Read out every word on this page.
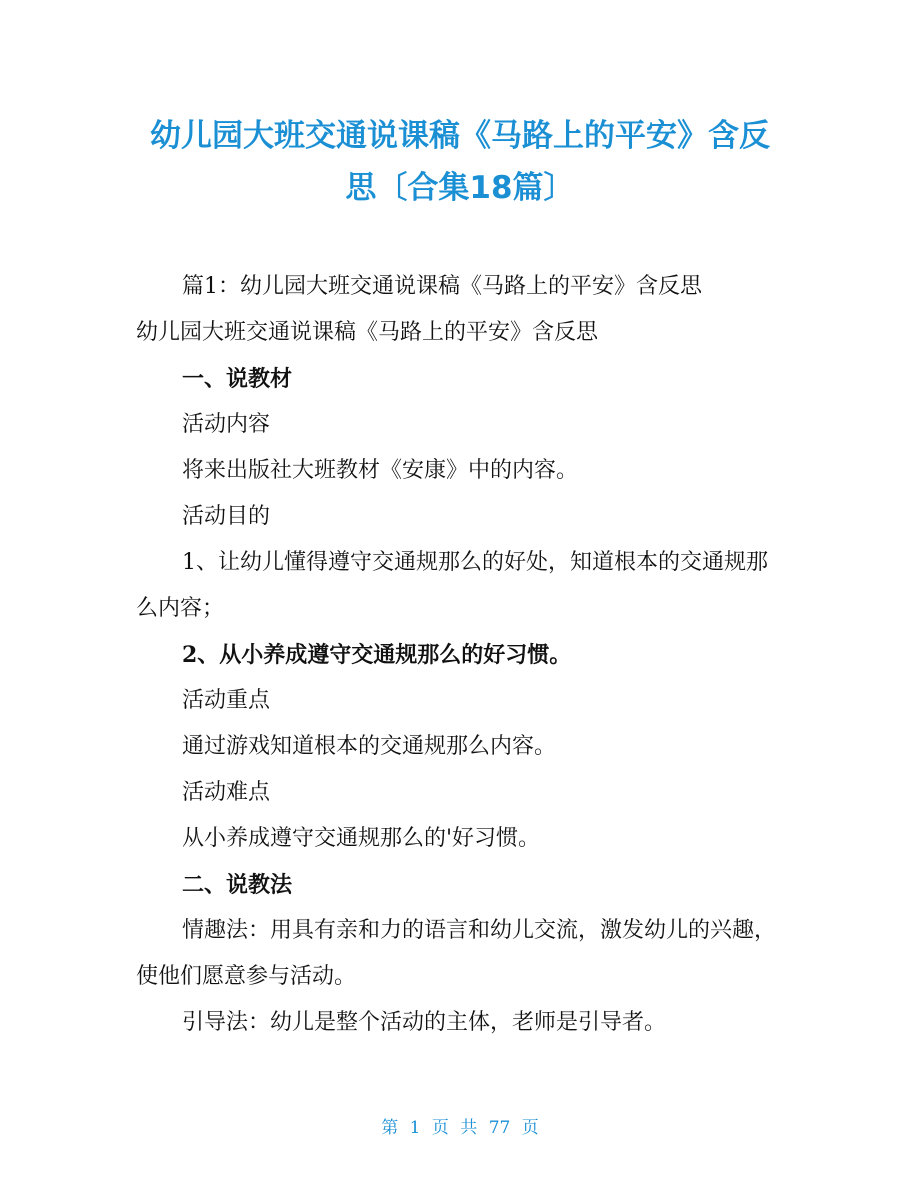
幼儿园大班交通说课稿《马路上的平安》含反
思〔合集18篇〕

篇1：幼儿园大班交通说课稿《马路上的平安》含反思

幼儿园大班交通说课稿《马路上的平安》含反思

一、说教材

活动内容

将来出版社大班教材《安康》中的内容。

活动目的

1、让幼儿懂得遵守交通规那么的好处，知道根本的交通规那么内容；

2、从小养成遵守交通规那么的好习惯。

活动重点

通过游戏知道根本的交通规那么内容。

活动难点

从小养成遵守交通规那么的'好习惯。

二、说教法

情趣法：用具有亲和力的语言和幼儿交流，激发幼儿的兴趣，使他们愿意参与活动。

引导法：幼儿是整个活动的主体，老师是引导者。

第 1 页 共 77 页
